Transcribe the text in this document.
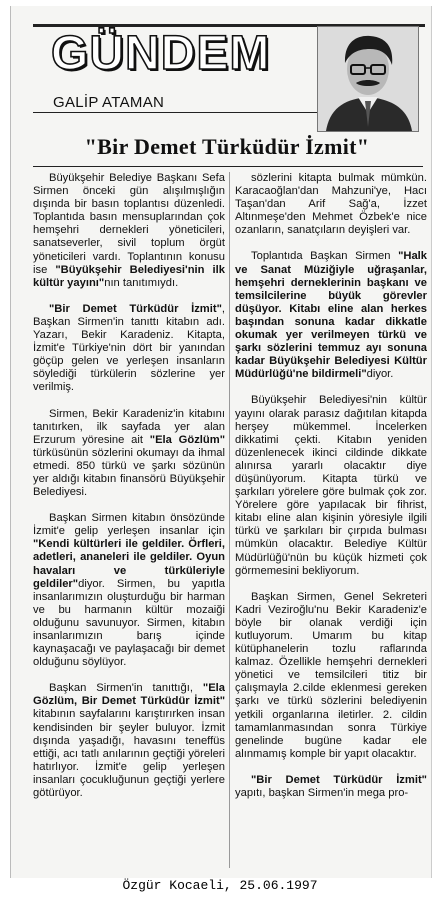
GÜNDEM
GALİP ATAMAN
"Bir Demet Türküdür İzmit"

Büyükşehir Belediye Başkanı Sefa Sirmen önceki gün alışılmışlığın dışında bir basın toplantısı düzenledi. Toplantıda basın mensuplarından çok hemşehri dernekleri yöneticileri, sanatseverler, sivil toplum örgüt yöneticileri vardı. Toplantının konusu ise "Büyükşehir Belediyesi'nin ilk kültür yayını"nın tanıtımıydı.

"Bir Demet Türküdür İzmit", Başkan Sirmen'in tanıttı kitabın adı. Yazarı, Bekir Karadeniz. Kitapta, İzmit'e Türkiye'nin dört bir yanından göçüp gelen ve yerleşen insanların söylediği türkülerin sözlerine yer verilmiş.

Sirmen, Bekir Karadeniz'in kitabını tanıtırken, ilk sayfada yer alan Erzurum yöresine ait "Ela Gözlüm" türküsünün sözlerini okumayı da ihmal etmedi. 850 türkü ve şarkı sözünün yer aldığı kitabın finansörü Büyükşehir Belediyesi.

Başkan Sirmen kitabın önsözünde İzmit'e gelip yerleşen insanlar için "Kendi kültürleri ile geldiler. Örfleri, adetleri, ananeleri ile geldiler. Oyun havaları ve türküleriyle geldiler"diyor. Sirmen, bu yapıtla insanlarımızın oluşturduğu bir harman ve bu harmanın kültür mozaiği olduğunu savunuyor. Sirmen, kitabın insanlarımızın barış içinde kaynaşacağı ve paylaşacağı bir demet olduğunu söylüyor.

Başkan Sirmen'in tanıttığı, "Ela Gözlüm, Bir Demet Türküdür İzmit" kitabının sayfalarını karıştırırken insan kendisinden bir şeyler buluyor. İzmit dışında yaşadığı, havasını teneffüs ettiği, acı tatlı anılarının geçtiği yöreleri hatırlıyor. İzmit'e gelip yerleşen insanları çocukluğunun geçtiği yerlere götürüyor.

sözlerini kitapta bulmak mümkün. Karacaoğlan'dan Mahzuni'ye, Hacı Taşan'dan Arif Sağ'a, İzzet Altınmeşe'den Mehmet Özbek'e nice ozanların, sanatçıların deyişleri var.

Toplantıda Başkan Sirmen "Halk ve Sanat Müziğiyle uğraşanlar, hemşehri derneklerinin başkanı ve temsilcilerine büyük görevler düşüyor. Kitabı eline alan herkes başından sonuna kadar dikkatle okumak yer verilmeyen türkü ve şarkı sözlerini temmuz ayı sonuna kadar Büyükşehir Belediyesi Kültür Müdürlüğü'ne bildirmeli"diyor.

Büyükşehir Belediyesi'nin kültür yayını olarak parasız dağıtılan kitapda herşey mükemmel. İncelerken dikkatimi çekti. Kitabın yeniden düzenlenecek ikinci cildinde dikkate alınırsa yararlı olacaktır diye düşünüyorum. Kitapta türkü ve şarkıları yörelere göre bulmak çok zor. Yörelere göre yapılacak bir fihrist, kitabı eline alan kişinin yöresiyle ilgili türkü ve şarkıları bir çırpıda bulması mümkün olacaktır. Belediye Kültür Müdürlüğü'nün bu küçük hizmeti çok görmemesini bekliyorum.

Başkan Sirmen, Genel Sekreteri Kadri Veziroğlu'nu Bekir Karadeniz'e böyle bir olanak verdiği için kutluyorum. Umarım bu kitap kütüphanelerin tozlu raflarında kalmaz. Özellikle hemşehri dernekleri yönetici ve temsilcileri titiz bir çalışmayla 2.cilde eklenmesi gereken şarkı ve türkü sözlerini belediyenin yetkili organlarına iletirler. 2. cildin tamamlanmasından sonra Türkiye genelinde bugüne kadar ele alınmamış komple bir yapıt olacaktır.

"Bir Demet Türküdür İzmit" yapıtı, başkan Sirmen'in mega pro-

Özgür Kocaeli, 25.06.1997
